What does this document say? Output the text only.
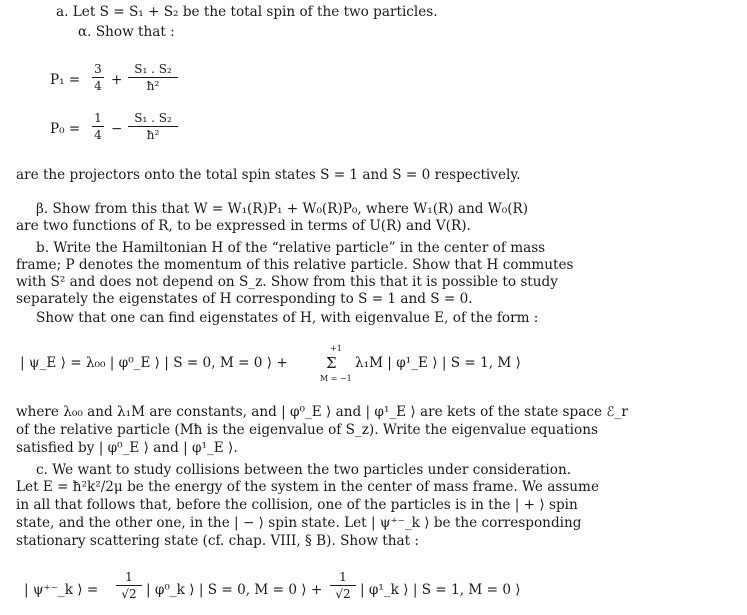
a. Let S = S₁ + S₂ be the total spin of the two particles.
α. Show that :
P₁ =
3
4 +
S₁ . S₂
ħ²
P₀ =
1
4 −
S₁ . S₂
ħ²
are the projectors onto the total spin states S = 1 and S = 0 respectively.
β. Show from this that W = W₁(R)P₁ + W₀(R)P₀, where W₁(R) and W₀(R)
are two functions of R, to be expressed in terms of U(R) and V(R).
b. Write the Hamiltonian H of the “relative particle” in the center of mass
frame; P denotes the momentum of this relative particle. Show that H commutes
with S² and does not depend on S_z. Show from this that it is possible to study
separately the eigenstates of H corresponding to S = 1 and S = 0.
Show that one can find eigenstates of H, with eigenvalue E, of the form :
| ψ_E ⟩ = λ₀₀ | φ⁰_E ⟩ | S = 0, M = 0 ⟩ +
+1
Σ
M = −1
λ₁M | φ¹_E ⟩ | S = 1, M ⟩
where λ₀₀ and λ₁M are constants, and | φ⁰_E ⟩ and | φ¹_E ⟩ are kets of the state space ℰ_r
of the relative particle (Mħ is the eigenvalue of S_z). Write the eigenvalue equations
satisfied by | φ⁰_E ⟩ and | φ¹_E ⟩.
c. We want to study collisions between the two particles under consideration.
Let E = ħ²k²/2μ be the energy of the system in the center of mass frame. We assume
in all that follows that, before the collision, one of the particles is in the | + ⟩ spin
state, and the other one, in the | − ⟩ spin state. Let | ψ⁺⁻_k ⟩ be the corresponding
stationary scattering state (cf. chap. VIII, § B). Show that :
| ψ⁺⁻_k ⟩ =
1
√2 | φ⁰_k ⟩ | S = 0, M = 0 ⟩ +
1
√2 | φ¹_k ⟩ | S = 1, M = 0 ⟩
